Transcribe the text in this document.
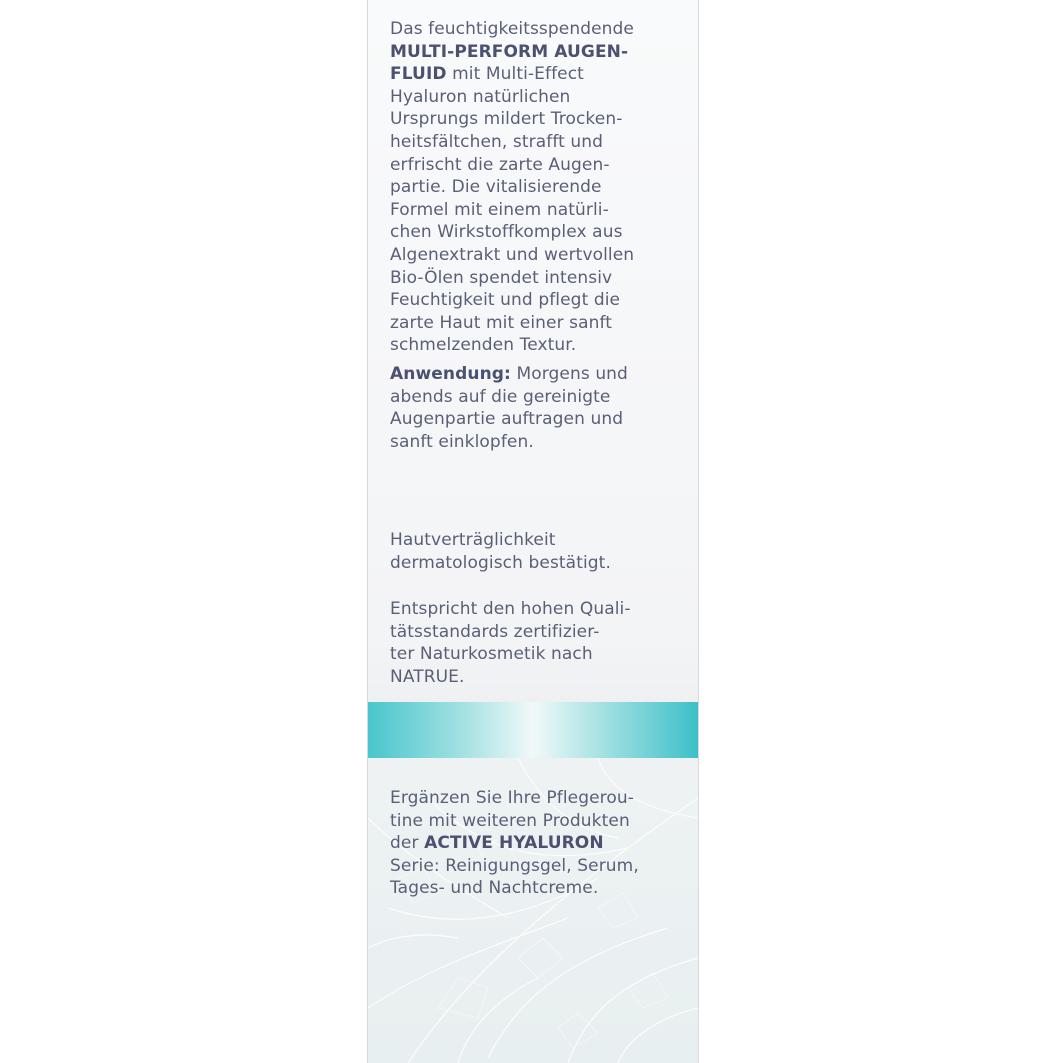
Das feuchtigkeitsspendende
MULTI-PERFORM AUGEN-
FLUID mit Multi-Effect
Hyaluron natürlichen
Ursprungs mildert Trocken-
heitsfältchen, strafft und
erfrischt die zarte Augen-
partie. Die vitalisierende
Formel mit einem natürli-
chen Wirkstoffkomplex aus
Algenextrakt und wertvollen
Bio-Ölen spendet intensiv
Feuchtigkeit und pflegt die
zarte Haut mit einer sanft
schmelzenden Textur.

Anwendung: Morgens und
abends auf die gereinigte
Augenpartie auftragen und
sanft einklopfen.

Hautverträglichkeit
dermatologisch bestätigt.

Entspricht den hohen Quali-
tätsstandards zertifizier-
ter Naturkosmetik nach
NATRUE.

Ergänzen Sie Ihre Pflegerou-
tine mit weiteren Produkten
der ACTIVE HYALURON
Serie: Reinigungsgel, Serum,
Tages- und Nachtcreme.
